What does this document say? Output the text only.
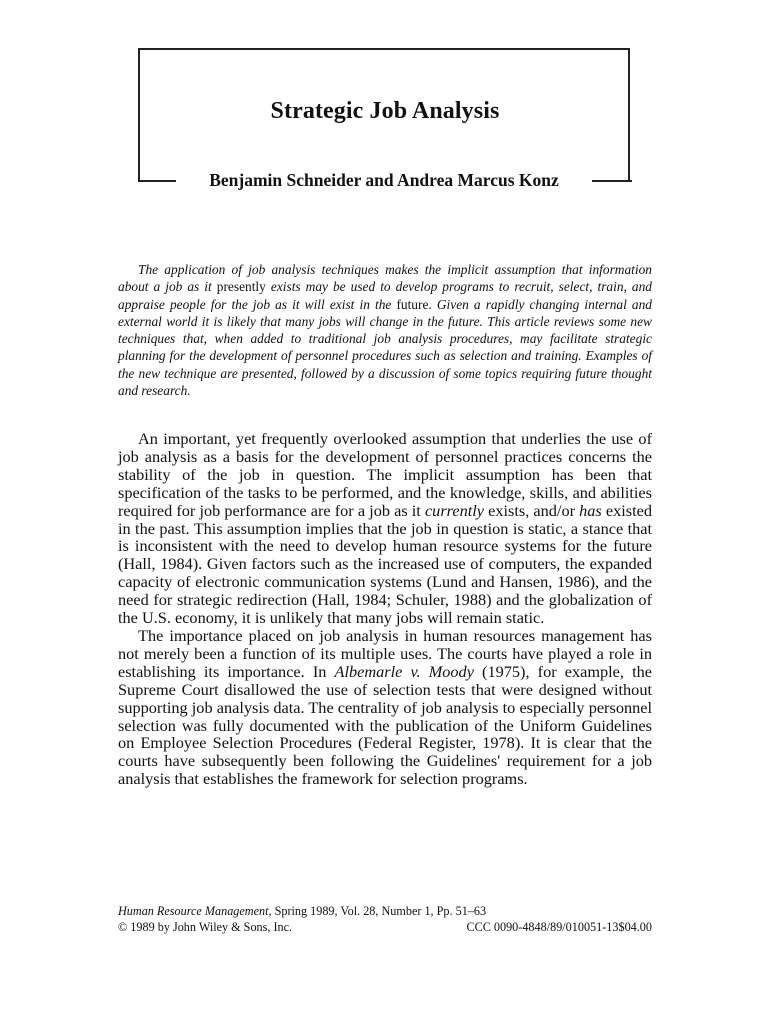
Strategic Job Analysis
Benjamin Schneider and Andrea Marcus Konz

The application of job analysis techniques makes the implicit assumption that information about a job as it presently exists may be used to develop programs to recruit, select, train, and appraise people for the job as it will exist in the future. Given a rapidly changing internal and external world it is likely that many jobs will change in the future. This article reviews some new techniques that, when added to traditional job analysis procedures, may facilitate strategic planning for the development of personnel procedures such as selection and training. Examples of the new technique are presented, followed by a discussion of some topics requiring future thought and research.

An important, yet frequently overlooked assumption that underlies the use of job analysis as a basis for the development of personnel practices concerns the stability of the job in question. The implicit assumption has been that specification of the tasks to be performed, and the knowledge, skills, and abilities required for job performance are for a job as it currently exists, and/or has existed in the past. This assumption implies that the job in question is static, a stance that is inconsistent with the need to develop human resource systems for the future (Hall, 1984). Given factors such as the increased use of computers, the expanded capacity of electronic communication systems (Lund and Hansen, 1986), and the need for strategic redirection (Hall, 1984; Schuler, 1988) and the globalization of the U.S. economy, it is unlikely that many jobs will remain static.

The importance placed on job analysis in human resources management has not merely been a function of its multiple uses. The courts have played a role in establishing its importance. In Albemarle v. Moody (1975), for example, the Supreme Court disallowed the use of selection tests that were designed without supporting job analysis data. The centrality of job analysis to especially personnel selection was fully documented with the publication of the Uniform Guidelines on Employee Selection Procedures (Federal Register, 1978). It is clear that the courts have subsequently been following the Guidelines' requirement for a job analysis that establishes the framework for selection programs.

Human Resource Management, Spring 1989, Vol. 28, Number 1, Pp. 51–63
© 1989 by John Wiley & Sons, Inc.	CCC 0090-4848/89/010051-13$04.00
